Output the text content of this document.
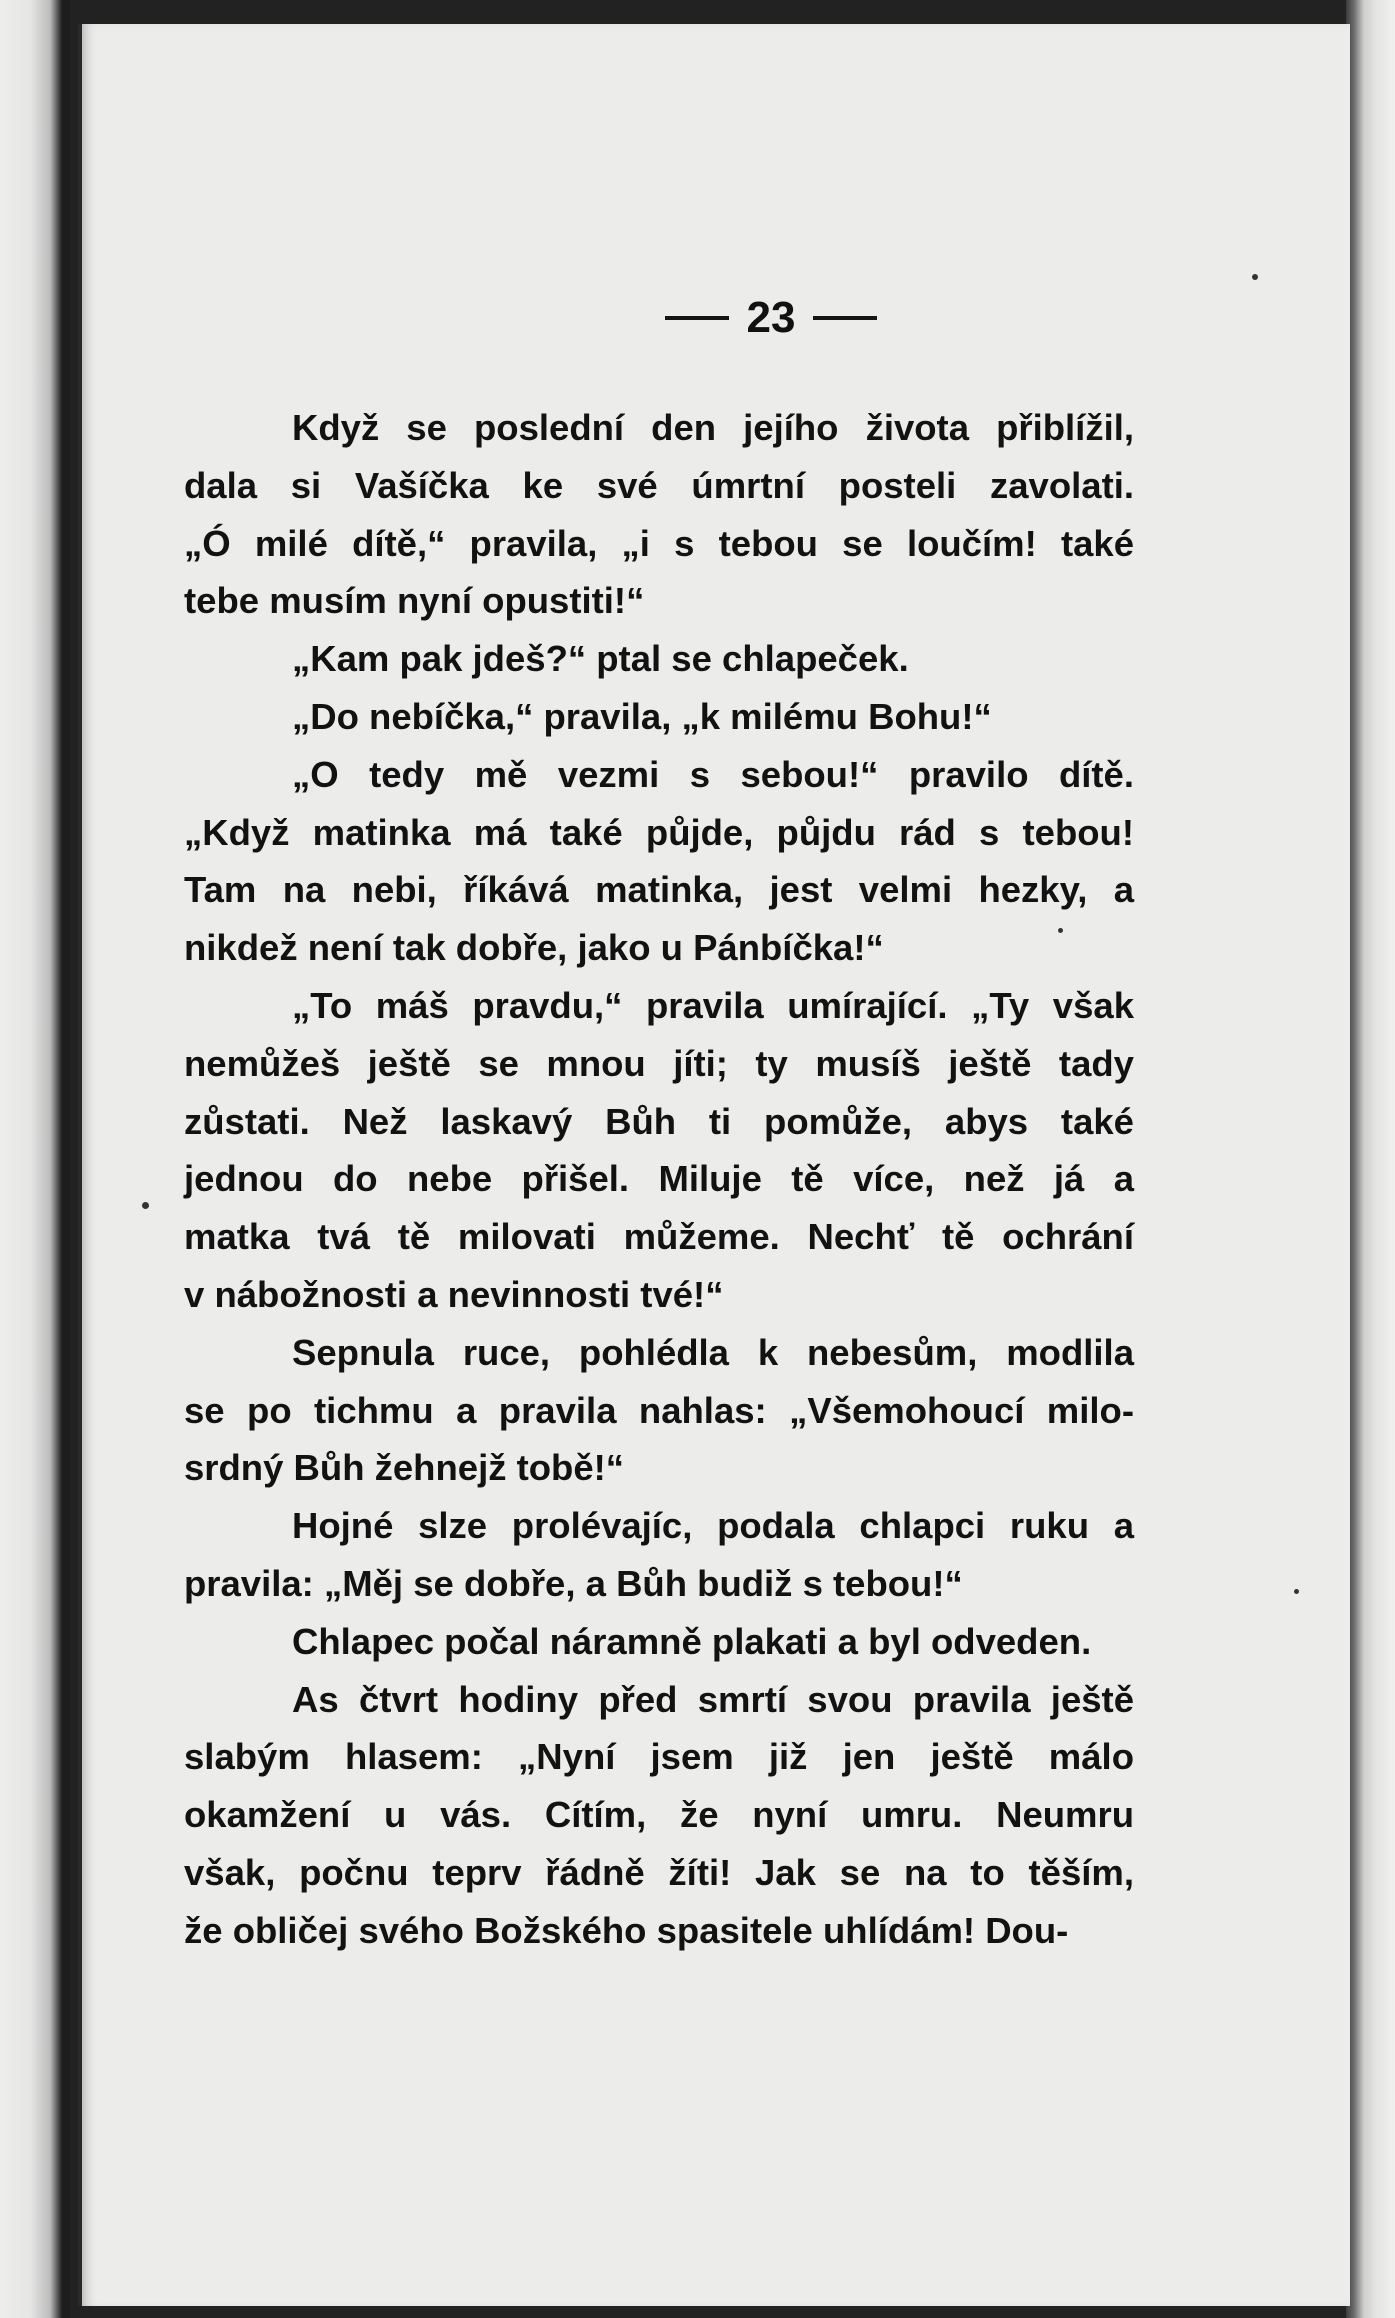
23
Když se poslední den jejího života přiblížil,
dala si Vašíčka ke své úmrtní posteli zavolati.
„Ó milé dítě,“ pravila, „i s tebou se loučím! také
tebe musím nyní opustiti!“
„Kam pak jdeš?“ ptal se chlapeček.
„Do nebíčka,“ pravila, „k milému Bohu!“
„O tedy mě vezmi s sebou!“ pravilo dítě.
„Když matinka má také půjde, půjdu rád s tebou!
Tam na nebi, říkává matinka, jest velmi hezky, a
nikdež není tak dobře, jako u Pánbíčka!“
„To máš pravdu,“ pravila umírající. „Ty však
nemůžeš ještě se mnou jíti; ty musíš ještě tady
zůstati. Než laskavý Bůh ti pomůže, abys také
jednou do nebe přišel. Miluje tě více, než já a
matka tvá tě milovati můžeme. Nechť tě ochrání
v nábožnosti a nevinnosti tvé!“
Sepnula ruce, pohlédla k nebesům, modlila
se po tichmu a pravila nahlas: „Všemohoucí milo-
srdný Bůh žehnejž tobě!“
Hojné slze prolévajíc, podala chlapci ruku a
pravila: „Měj se dobře, a Bůh budiž s tebou!“
Chlapec počal náramně plakati a byl odveden.
As čtvrt hodiny před smrtí svou pravila ještě
slabým hlasem: „Nyní jsem již jen ještě málo
okamžení u vás. Cítím, že nyní umru. Neumru
však, počnu teprv řádně žíti! Jak se na to těším,
že obličej svého Božského spasitele uhlídám! Dou-
